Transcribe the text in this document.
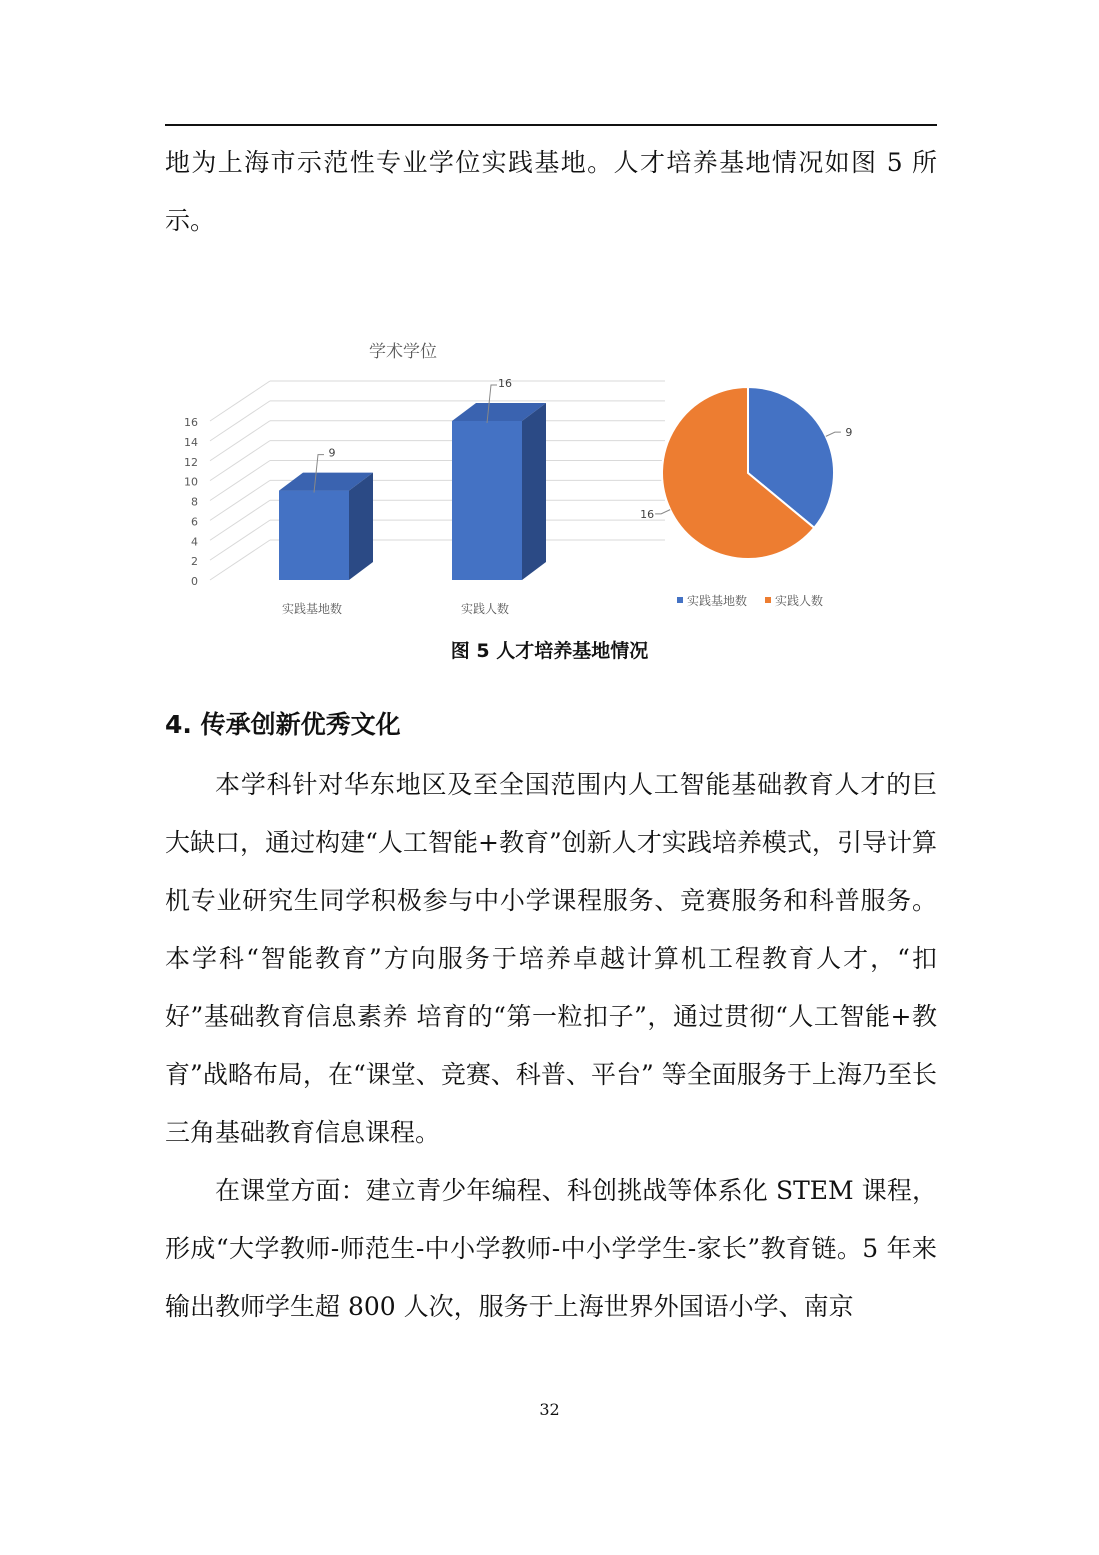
地为上海市示范性专业学位实践基地。人才培养基地情况如图 5 所示。

0
2
4
6
8
10
12
14
16
学术学位
9
实践基地数
16
实践人数
9
16
实践基地数 实践人数
图 5 人才培养基地情况
4. 传承创新优秀文化

本学科针对华东地区及至全国范围内人工智能基础教育人才的巨大缺口，通过构建“人工智能+教育”创新人才实践培养模式，引导计算机专业研究生同学积极参与中小学课程服务、竞赛服务和科普服务。本学科“智能教育”方向服务于培养卓越计算机工程教育人才，“扣好”基础教育信息素养 培育的“第一粒扣子”，通过贯彻“人工智能+教育”战略布局，在“课堂、竞赛、科普、平台” 等全面服务于上海乃至长三角基础教育信息课程。

在课堂方面：建立青少年编程、科创挑战等体系化 STEM 课程，形成“大学教师-师范生-中小学教师-中小学学生-家长”教育链。5 年来输出教师学生超 800 人次，服务于上海世界外国语小学、南京

32
